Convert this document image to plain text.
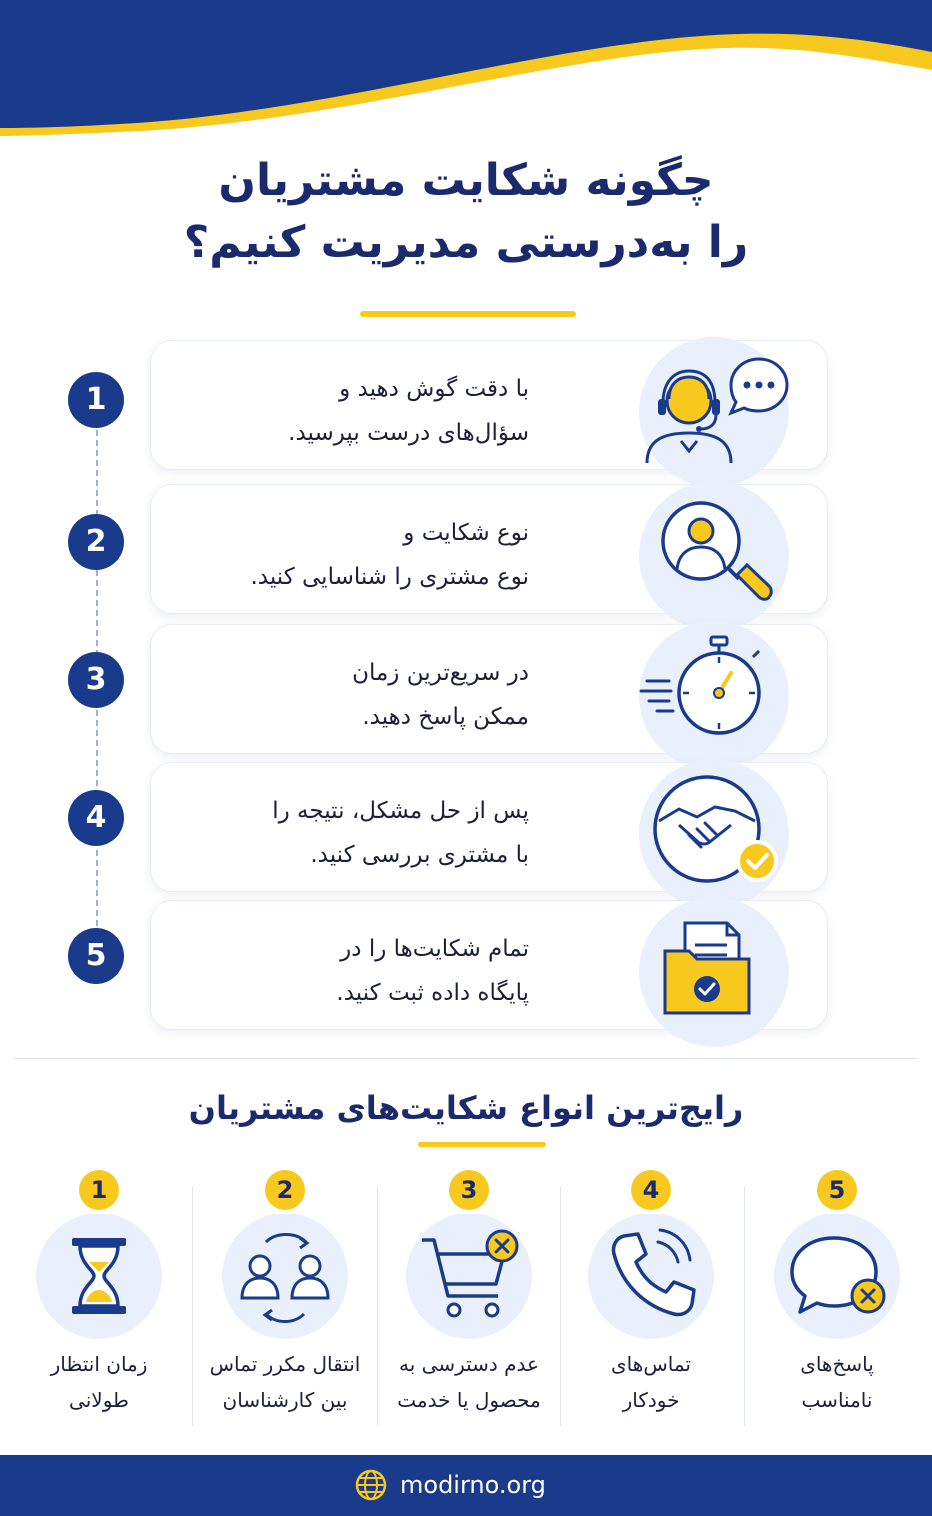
چگونه شکایت مشتریان
را به‌درستی مدیریت کنیم؟
1	با دقت گوش دهید و
سؤال‌های درست بپرسید.
2	نوع شکایت و
نوع مشتری را شناسایی کنید.
3	در سریع‌ترین زمان
ممکن پاسخ دهید.
4	پس از حل مشکل، نتیجه را
با مشتری بررسی کنید.
5	تمام شکایت‌ها را در
پایگاه داده ثبت کنید.
رایج‌ترین انواع شکایت‌های مشتریان
1
زمان انتظار
طولانی
2
انتقال مکرر تماس
بین کارشناسان
3
عدم دسترسی به
محصول یا خدمت
4
تماس‌های
خودکار
5
پاسخ‌های
نامناسب
modirno.org
